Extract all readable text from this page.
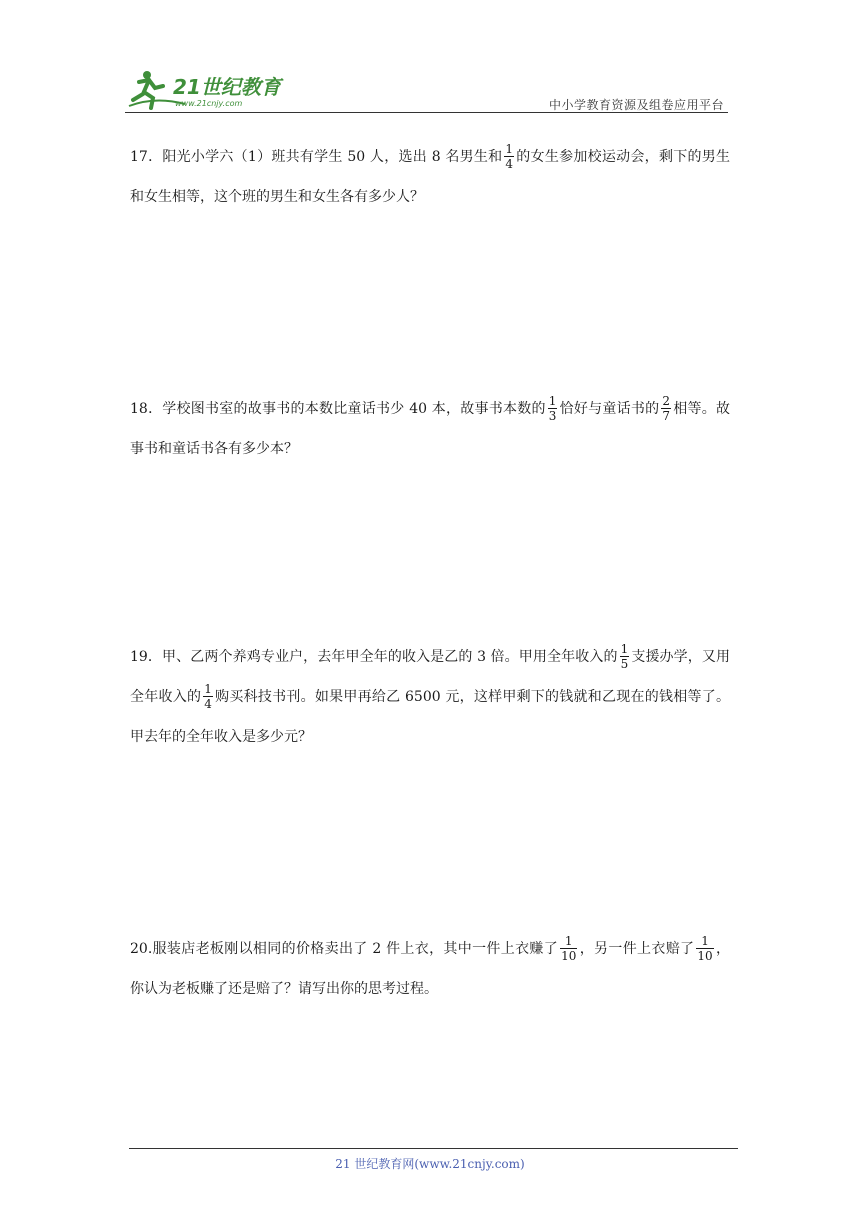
21世纪教育
www.21cnjy.com	中小学教育资源及组卷应用平台
17．阳光小学六（1）班共有学生 50 人，选出 8 名男生和 $\frac{1}{4}$ 的女生参加校运动会，剩下的男生和女生相等，这个班的男生和女生各有多少人？
18．学校图书室的故事书的本数比童话书少 40 本，故事书本数的 $\frac{1}{3}$ 恰好与童话书的 $\frac{2}{7}$ 相等。故事书和童话书各有多少本？
19．甲、乙两个养鸡专业户，去年甲全年的收入是乙的 3 倍。甲用全年收入的 $\frac{1}{5}$ 支援办学，又用全年收入的 $\frac{1}{4}$ 购买科技书刊。如果甲再给乙 6500 元，这样甲剩下的钱就和乙现在的钱相等了。甲去年的全年收入是多少元？
20.服装店老板刚以相同的价格卖出了 2 件上衣，其中一件上衣赚了 $\frac{1}{10}$ ，另一件上衣赔了 $\frac{1}{10}$ ，你认为老板赚了还是赔了？请写出你的思考过程。
21 世纪教育网(www.21cnjy.com)
